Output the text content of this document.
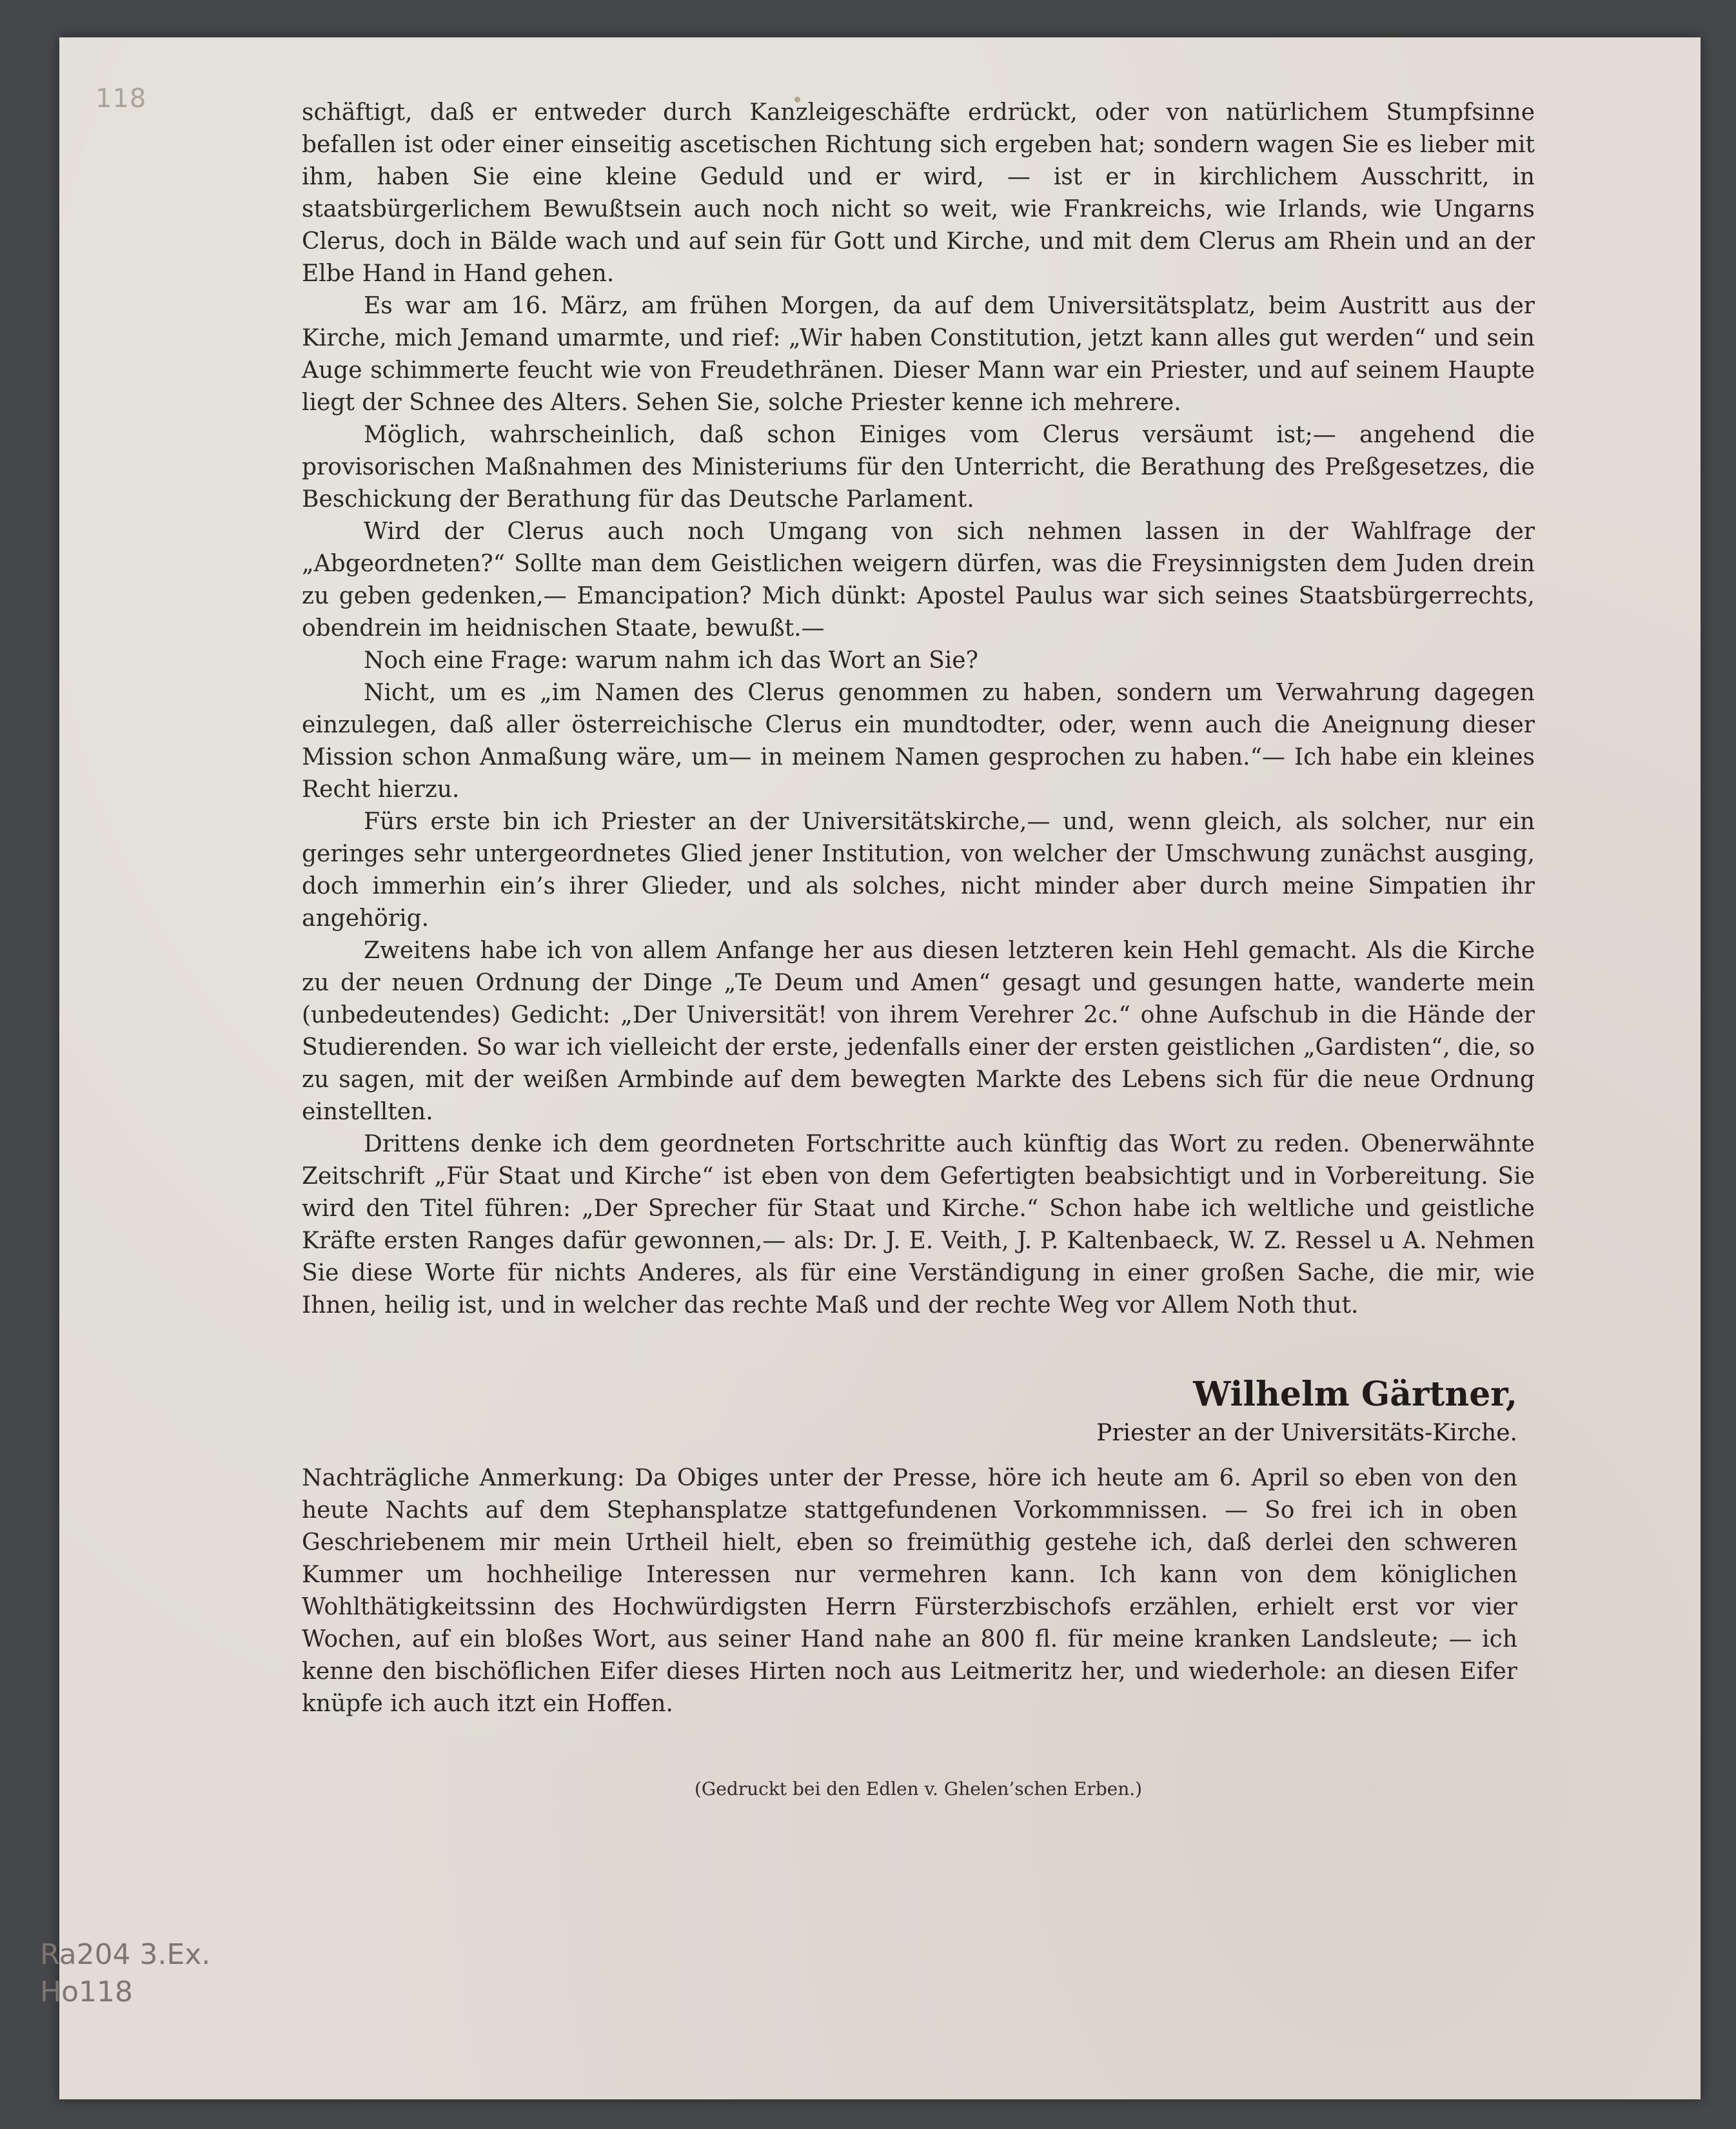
118	schäftigt, daß er entweder durch Kanzleigeschäfte erdrückt, oder von natürlichem Stumpfsinne befallen ist oder einer einseitig ascetischen Richtung sich ergeben hat; sondern wagen Sie es lieber mit ihm, haben Sie eine kleine Geduld und er wird, — ist er in kirchlichem Ausschritt, in staatsbürgerlichem Bewußtsein auch noch nicht so weit, wie Frankreichs, wie Irlands, wie Ungarns Clerus, doch in Bälde wach und auf sein für Gott und Kirche, und mit dem Clerus am Rhein und an der Elbe Hand in Hand gehen.

Es war am 16. März, am frühen Morgen, da auf dem Universitätsplatz, beim Austritt aus der Kirche, mich Jemand umarmte, und rief: „Wir haben Constitution, jetzt kann alles gut werden“ und sein Auge schimmerte feucht wie von Freudethränen. Dieser Mann war ein Priester, und auf seinem Haupte liegt der Schnee des Alters. Sehen Sie, solche Priester kenne ich mehrere.

Möglich, wahrscheinlich, daß schon Einiges vom Clerus versäumt ist;— angehend die provisorischen Maßnahmen des Ministeriums für den Unterricht, die Berathung des Preßgesetzes, die Beschickung der Berathung für das Deutsche Parlament.

Wird der Clerus auch noch Umgang von sich nehmen lassen in der Wahlfrage der „Abgeordneten?“ Sollte man dem Geistlichen weigern dürfen, was die Freysinnigsten dem Juden drein zu geben gedenken,— Emancipation? Mich dünkt: Apostel Paulus war sich seines Staatsbürgerrechts, obendrein im heidnischen Staate, bewußt.—

Noch eine Frage: warum nahm ich das Wort an Sie?

Nicht, um es „im Namen des Clerus genommen zu haben, sondern um Verwahrung dagegen einzulegen, daß aller österreichische Clerus ein mundtodter, oder, wenn auch die Aneignung dieser Mission schon Anmaßung wäre, um— in meinem Namen gesprochen zu haben.“— Ich habe ein kleines Recht hierzu.

Fürs erste bin ich Priester an der Universitätskirche,— und, wenn gleich, als solcher, nur ein geringes sehr untergeordnetes Glied jener Institution, von welcher der Umschwung zunächst ausging, doch immerhin ein’s ihrer Glieder, und als solches, nicht minder aber durch meine Simpatien ihr angehörig.

Zweitens habe ich von allem Anfange her aus diesen letzteren kein Hehl gemacht. Als die Kirche zu der neuen Ordnung der Dinge „Te Deum und Amen“ gesagt und gesungen hatte, wanderte mein (unbedeutendes) Gedicht: „Der Universität! von ihrem Verehrer 2c.“ ohne Aufschub in die Hände der Studierenden. So war ich vielleicht der erste, jedenfalls einer der ersten geistlichen „Gardisten“, die, so zu sagen, mit der weißen Armbinde auf dem bewegten Markte des Lebens sich für die neue Ordnung einstellten.

Drittens denke ich dem geordneten Fortschritte auch künftig das Wort zu reden. Obenerwähnte Zeitschrift „Für Staat und Kirche“ ist eben von dem Gefertigten beabsichtigt und in Vorbereitung. Sie wird den Titel führen: „Der Sprecher für Staat und Kirche.“ Schon habe ich weltliche und geistliche Kräfte ersten Ranges dafür gewonnen,— als: Dr. J. E. Veith, J. P. Kaltenbaeck, W. Z. Ressel u A. Nehmen Sie diese Worte für nichts Anderes, als für eine Verständigung in einer großen Sache, die mir, wie Ihnen, heilig ist, und in welcher das rechte Maß und der rechte Weg vor Allem Noth thut.

Wilhelm Gärtner,
Priester an der Universitäts-Kirche.

Nachträgliche Anmerkung: Da Obiges unter der Presse, höre ich heute am 6. April so eben von den heute Nachts auf dem Stephansplatze stattgefundenen Vorkommnissen. — So frei ich in oben Geschriebenem mir mein Urtheil hielt, eben so freimüthig gestehe ich, daß derlei den schweren Kummer um hochheilige Interessen nur vermehren kann. Ich kann von dem königlichen Wohlthätigkeitssinn des Hochwürdigsten Herrn Fürsterzbischofs erzählen, erhielt erst vor vier Wochen, auf ein bloßes Wort, aus seiner Hand nahe an 800 fl. für meine kranken Landsleute; — ich kenne den bischöflichen Eifer dieses Hirten noch aus Leitmeritz her, und wiederhole: an diesen Eifer knüpfe ich auch itzt ein Hoffen.

(Gedruckt bei den Edlen v. Ghelen’schen Erben.)
Ra204 3.Ex.
Ho118
